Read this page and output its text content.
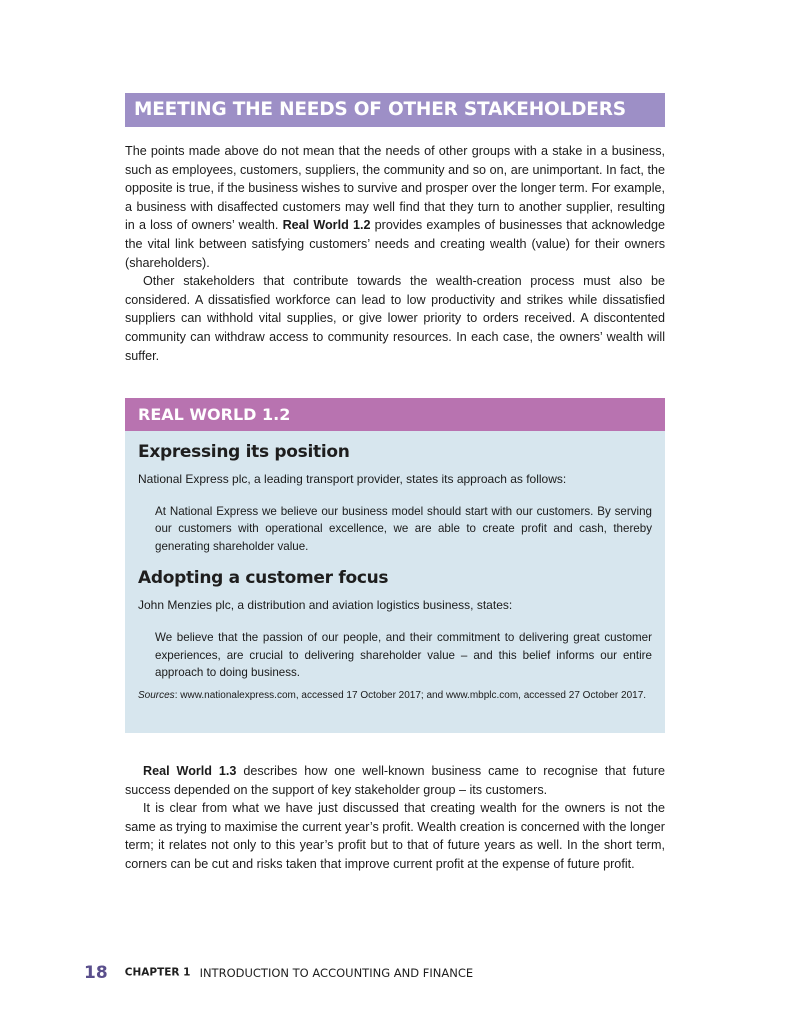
MEETING THE NEEDS OF OTHER STAKEHOLDERS

The points made above do not mean that the needs of other groups with a stake in a business, such as employees, customers, suppliers, the community and so on, are unimportant. In fact, the opposite is true, if the business wishes to survive and prosper over the longer term. For example, a business with disaffected customers may well find that they turn to another supplier, resulting in a loss of owners’ wealth. Real World 1.2 provides examples of businesses that acknowledge the vital link between satisfying customers’ needs and creating wealth (value) for their owners (shareholders).

Other stakeholders that contribute towards the wealth-creation process must also be considered. A dissatisfied workforce can lead to low productivity and strikes while dissatisfied suppliers can withhold vital supplies, or give lower priority to orders received. A discontented community can withdraw access to community resources. In each case, the owners’ wealth will suffer.

REAL WORLD 1.2
Expressing its position

National Express plc, a leading transport provider, states its approach as follows:

At National Express we believe our business model should start with our customers. By serving our customers with operational excellence, we are able to create profit and cash, thereby generating shareholder value.

Adopting a customer focus

John Menzies plc, a distribution and aviation logistics business, states:

We believe that the passion of our people, and their commitment to delivering great customer experiences, are crucial to delivering shareholder value – and this belief informs our entire approach to doing business.

Sources: www.nationalexpress.com, accessed 17 October 2017; and www.mbplc.com, accessed 27 October 2017.

Real World 1.3 describes how one well-known business came to recognise that future success depended on the support of key stakeholder group – its customers.

It is clear from what we have just discussed that creating wealth for the owners is not the same as trying to maximise the current year’s profit. Wealth creation is concerned with the longer term; it relates not only to this year’s profit but to that of future years as well. In the short term, corners can be cut and risks taken that improve current profit at the expense of future profit.

18 CHAPTER 1 INTRODUCTION TO ACCOUNTING AND FINANCE
